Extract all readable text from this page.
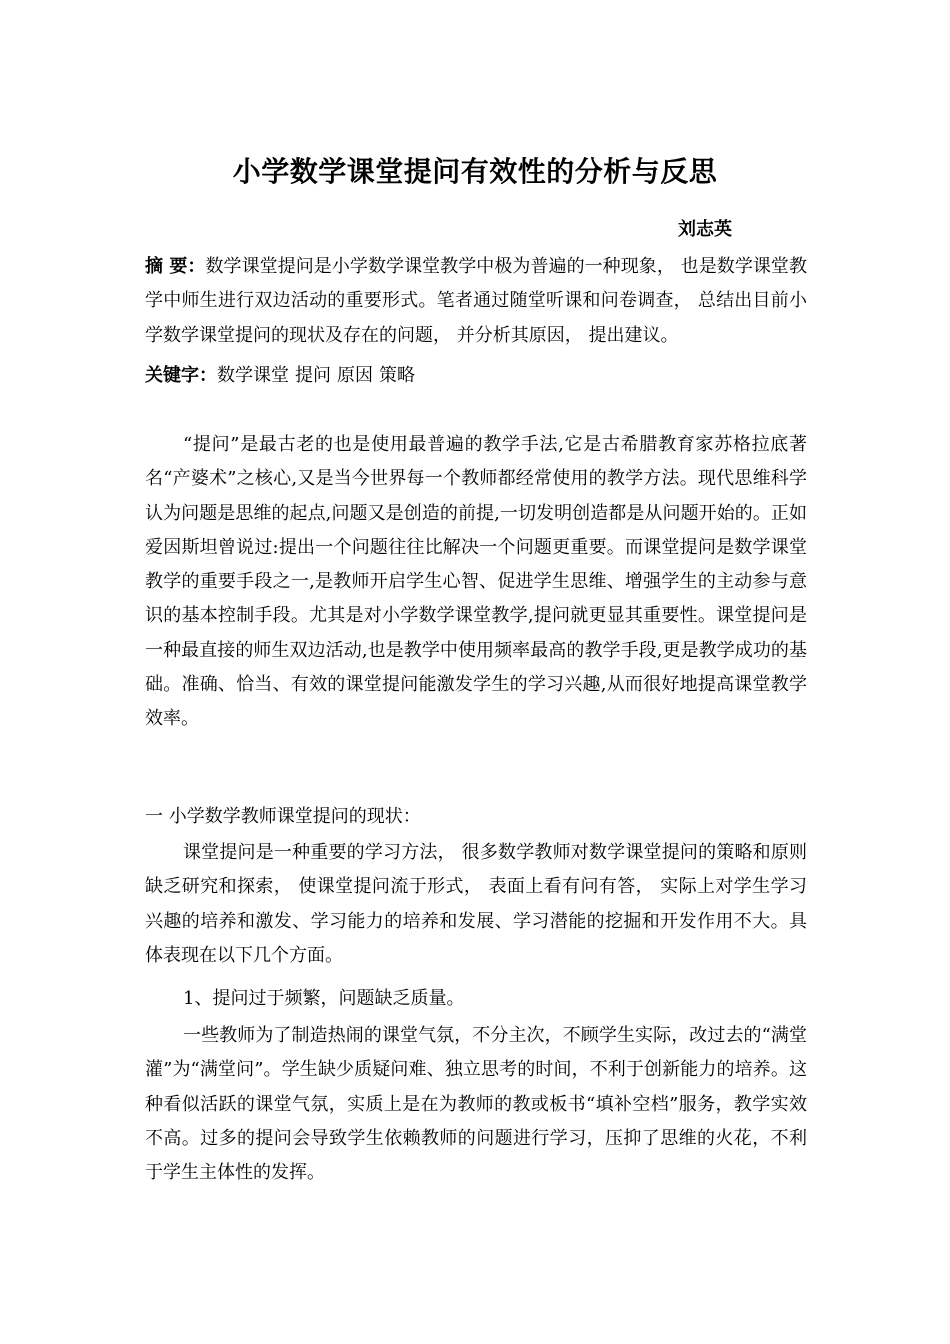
小学数学课堂提问有效性的分析与反思
刘志英
摘 要：数学课堂提问是小学数学课堂教学中极为普遍的一种现象， 也是数学课堂教学中师生进行双边活动的重要形式。笔者通过随堂听课和问卷调查， 总结出目前小学数学课堂提问的现状及存在的问题， 并分析其原因， 提出建议。
关键字：数学课堂 提问 原因 策略
“提问”是最古老的也是使用最普遍的教学手法,它是古希腊教育家苏格拉底著名“产婆术”之核心,又是当今世界每一个教师都经常使用的教学方法。现代思维科学认为问题是思维的起点,问题又是创造的前提,一切发明创造都是从问题开始的。正如爱因斯坦曾说过:提出一个问题往往比解决一个问题更重要。而课堂提问是数学课堂教学的重要手段之一,是教师开启学生心智、促进学生思维、增强学生的主动参与意识的基本控制手段。尤其是对小学数学课堂教学,提问就更显其重要性。课堂提问是一种最直接的师生双边活动,也是教学中使用频率最高的教学手段,更是教学成功的基础。准确、恰当、有效的课堂提问能激发学生的学习兴趣,从而很好地提高课堂教学效率。
一 小学数学教师课堂提问的现状：
课堂提问是一种重要的学习方法， 很多数学教师对数学课堂提问的策略和原则缺乏研究和探索， 使课堂提问流于形式， 表面上看有问有答， 实际上对学生学习兴趣的培养和激发、学习能力的培养和发展、学习潜能的挖掘和开发作用不大。具体表现在以下几个方面。
1、提问过于频繁，问题缺乏质量。
一些教师为了制造热闹的课堂气氛，不分主次，不顾学生实际，改过去的“满堂灌”为“满堂问”。学生缺少质疑问难、独立思考的时间，不利于创新能力的培养。这种看似活跃的课堂气氛，实质上是在为教师的教或板书“填补空档”服务，教学实效不高。过多的提问会导致学生依赖教师的问题进行学习，压抑了思维的火花，不利于学生主体性的发挥。
